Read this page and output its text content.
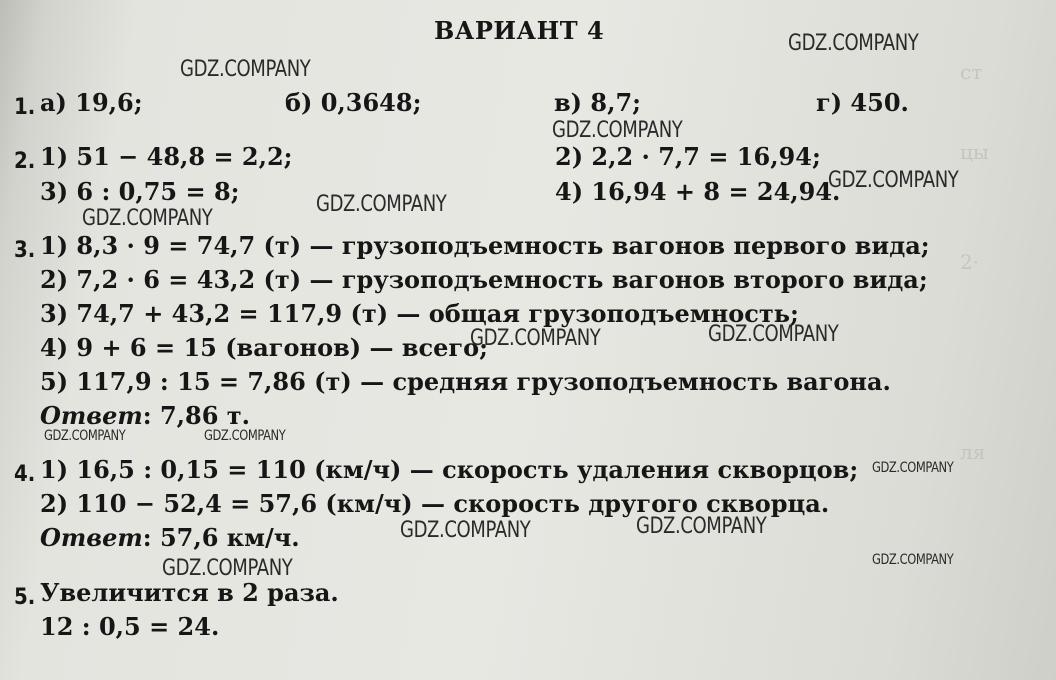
ст
цы
2·
ля
ВАРИАНТ 4
1. а) 19,6;	б) 0,3648;	в) 8,7;	г) 450.
2. 1) 51 − 48,8 = 2,2;	2) 2,2 · 7,7 = 16,94;
3) 6 : 0,75 = 8;	4) 16,94 + 8 = 24,94.
3. 1) 8,3 · 9 = 74,7 (т) — грузоподъемность вагонов первого вида;
2) 7,2 · 6 = 43,2 (т) — грузоподъемность вагонов второго вида;
3) 74,7 + 43,2 = 117,9 (т) — общая грузоподъемность;
4) 9 + 6 = 15 (вагонов) — всего;
5) 117,9 : 15 = 7,86 (т) — средняя грузоподъемность вагона.
Ответ: 7,86 т.
4. 1) 16,5 : 0,15 = 110 (км/ч) — скорость удаления скворцов;
2) 110 − 52,4 = 57,6 (км/ч) — скорость другого скворца.
Ответ: 57,6 км/ч.
5. Увеличится в 2 раза.
12 : 0,5 = 24.
GDZ.COMPANY
GDZ.COMPANY
GDZ.COMPANY
GDZ.COMPANY
GDZ.COMPANY
GDZ.COMPANY
GDZ.COMPANY	GDZ.COMPANY
GDZ.COMPANY	GDZ.COMPANY
GDZ.COMPANY
GDZ.COMPANY	GDZ.COMPANY
GDZ.COMPANY
GDZ.COMPANY
